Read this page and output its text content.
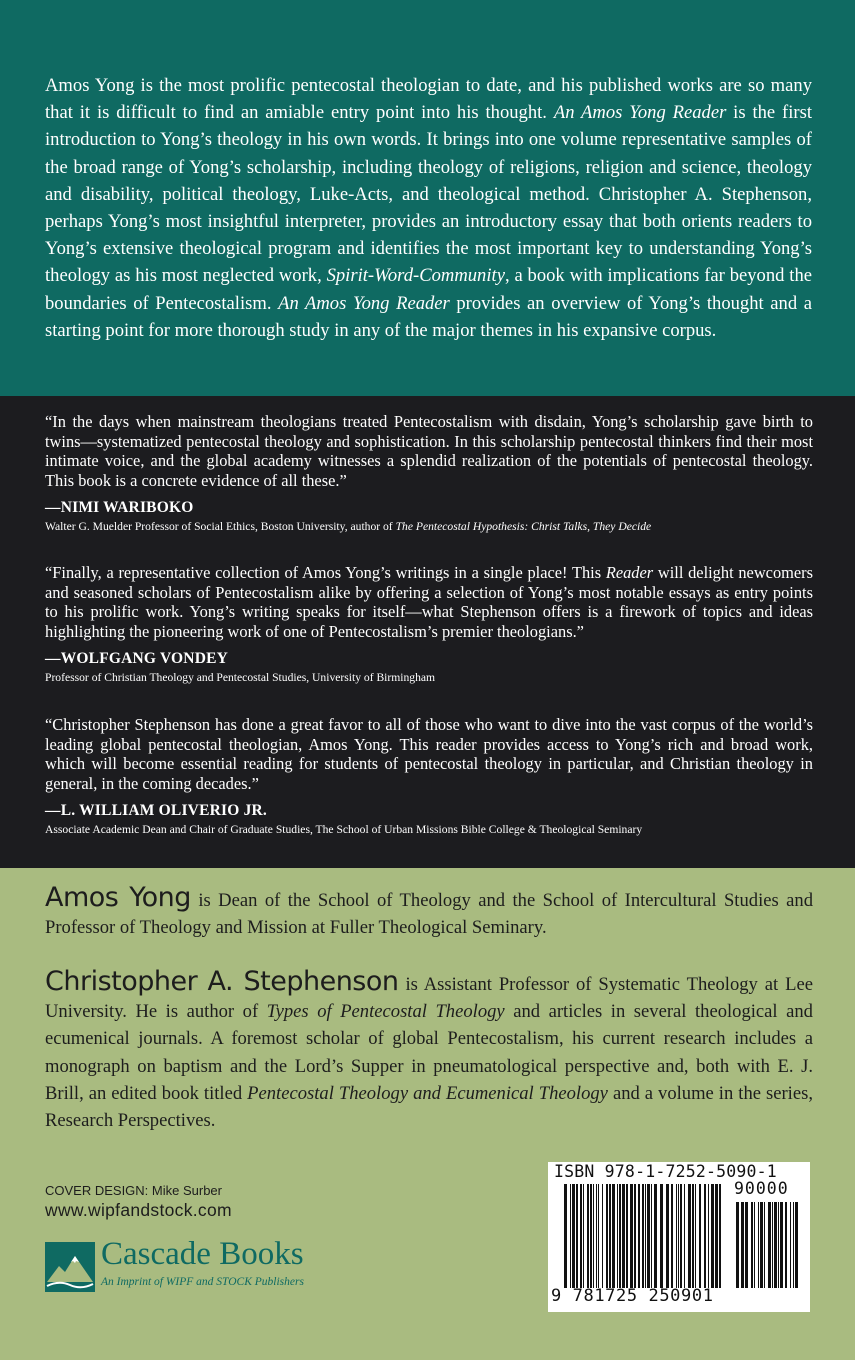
Amos Yong is the most prolific pentecostal theologian to date, and his published works are so many that it is difficult to find an amiable entry point into his thought. An Amos Yong Reader is the first introduction to Yong’s theology in his own words. It brings into one volume representative samples of the broad range of Yong’s scholarship, including theology of religions, religion and science, theology and disability, political theology, Luke-Acts, and theological method. Christopher A. Stephenson, perhaps Yong’s most insightful interpreter, provides an introductory essay that both orients readers to Yong’s extensive theological program and identifies the most important key to understanding Yong’s theology as his most neglected work, Spirit-Word-Community, a book with implications far beyond the boundaries of Pentecostalism. An Amos Yong Reader provides an overview of Yong’s thought and a starting point for more thorough study in any of the major themes in his expansive corpus.

“In the days when mainstream theologians treated Pentecostalism with disdain, Yong’s scholarship gave birth to twins—systematized pentecostal theology and sophistication. In this scholarship pentecostal thinkers find their most intimate voice, and the global academy witnesses a splendid realization of the potentials of pentecostal theology. This book is a concrete evidence of all these.”

—NIMI WARIBOKO
Walter G. Muelder Professor of Social Ethics, Boston University, author of The Pentecostal Hypothesis: Christ Talks, They Decide

“Finally, a representative collection of Amos Yong’s writings in a single place! This Reader will delight newcomers and seasoned scholars of Pentecostalism alike by offering a selection of Yong’s most notable essays as entry points to his prolific work. Yong’s writing speaks for itself—what Stephenson offers is a firework of topics and ideas highlighting the pioneering work of one of Pentecostalism’s premier theologians.”

—WOLFGANG VONDEY
Professor of Christian Theology and Pentecostal Studies, University of Birmingham

“Christopher Stephenson has done a great favor to all of those who want to dive into the vast corpus of the world’s leading global pentecostal theologian, Amos Yong. This reader provides access to Yong’s rich and broad work, which will become essential reading for students of pentecostal theology in particular, and Christian theology in general, in the coming decades.”

—L. WILLIAM OLIVERIO JR.
Associate Academic Dean and Chair of Graduate Studies, The School of Urban Missions Bible College & Theological Seminary

Amos Yong is Dean of the School of Theology and the School of Intercultural Studies and Professor of Theology and Mission at Fuller Theological Seminary.

Christopher A. Stephenson is Assistant Professor of Systematic Theology at Lee University. He is author of Types of Pentecostal Theology and articles in several theological and ecumenical journals. A foremost scholar of global Pentecostalism, his current research includes a monograph on baptism and the Lord’s Supper in pneumatological perspective and, both with E. J. Brill, an edited book titled Pentecostal Theology and Ecumenical Theology and a volume in the series, Research Perspectives.

COVER DESIGN: Mike Surber
www.wipfandstock.com
Cascade Books
An Imprint of WIPF and STOCK Publishers
ISBN 978-1-7252-5090-1
90000
9 781725 250901
